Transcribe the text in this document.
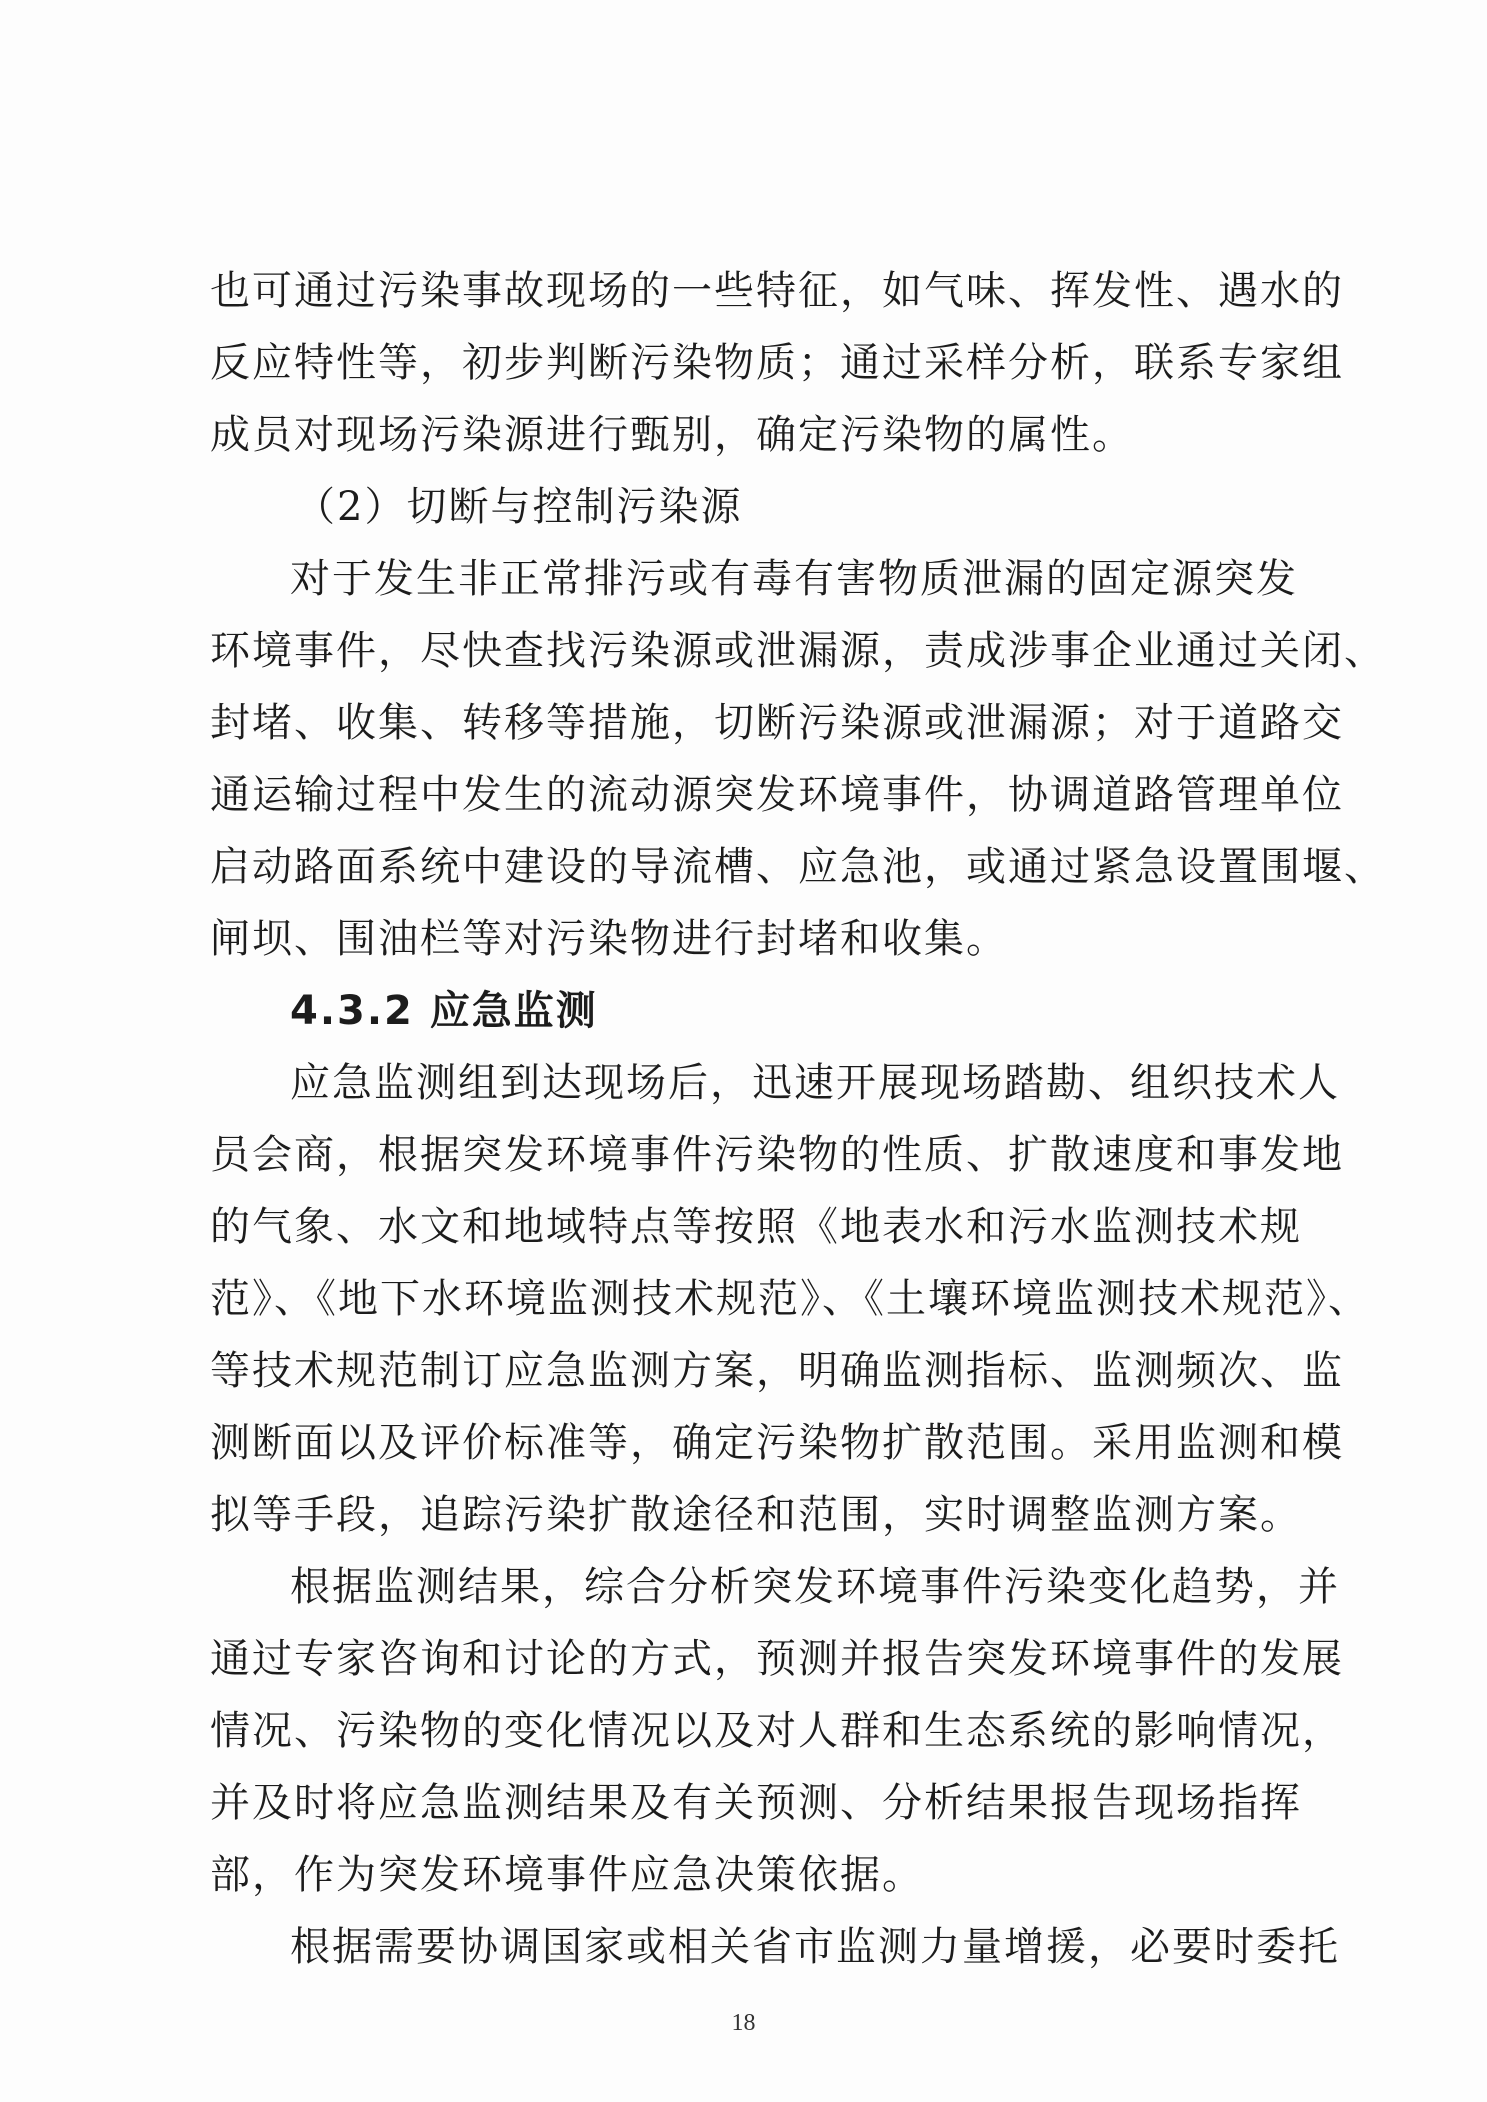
也可通过污染事故现场的一些特征，如气味、挥发性、遇水的
反应特性等，初步判断污染物质；通过采样分析，联系专家组
成员对现场污染源进行甄别，确定污染物的属性。
（2）切断与控制污染源
对于发生非正常排污或有毒有害物质泄漏的固定源突发
环境事件，尽快查找污染源或泄漏源，责成涉事企业通过关闭、
封堵、收集、转移等措施，切断污染源或泄漏源；对于道路交
通运输过程中发生的流动源突发环境事件，协调道路管理单位
启动路面系统中建设的导流槽、应急池，或通过紧急设置围堰、
闸坝、围油栏等对污染物进行封堵和收集。
4.3.2 应急监测
应急监测组到达现场后，迅速开展现场踏勘、组织技术人
员会商，根据突发环境事件污染物的性质、扩散速度和事发地
的气象、水文和地域特点等按照《地表水和污水监测技术规
范》、《地下水环境监测技术规范》、《土壤环境监测技术规范》、
等技术规范制订应急监测方案，明确监测指标、监测频次、监
测断面以及评价标准等，确定污染物扩散范围。采用监测和模
拟等手段，追踪污染扩散途径和范围，实时调整监测方案。
根据监测结果，综合分析突发环境事件污染变化趋势，并
通过专家咨询和讨论的方式，预测并报告突发环境事件的发展
情况、污染物的变化情况以及对人群和生态系统的影响情况，
并及时将应急监测结果及有关预测、分析结果报告现场指挥
部，作为突发环境事件应急决策依据。
根据需要协调国家或相关省市监测力量增援，必要时委托
18
